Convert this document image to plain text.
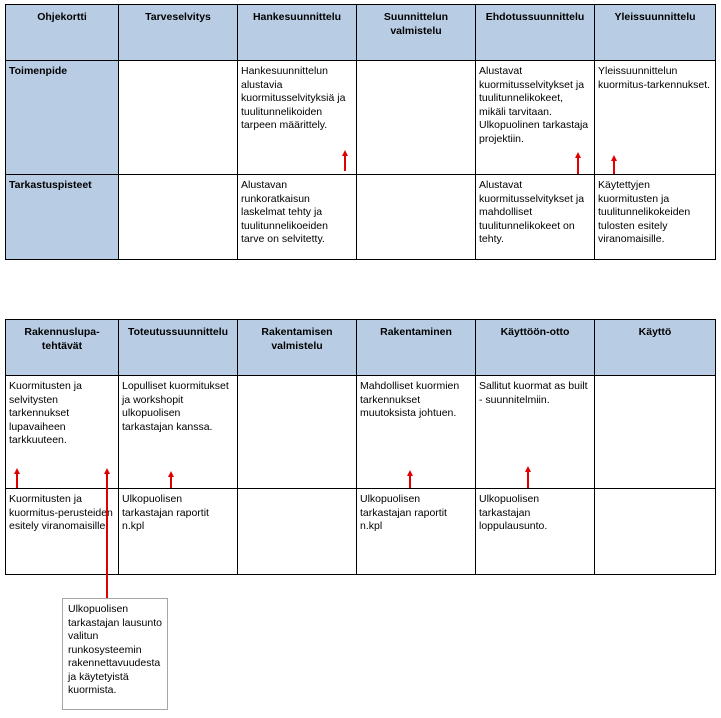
Ohjekortti	Tarveselvitys	Hankesuunnittelu	Suunnittelun valmistelu	Ehdotussuunnittelu	Yleissuunnittelu
Toimenpide		Hankesuunnittelun alustavia kuormitusselvityksiä ja tuulitunnelikoiden tarpeen määrittely.		Alustavat kuormitusselvitykset ja tuulitunnelikokeet, mikäli tarvitaan. Ulkopuolinen tarkastaja projektiin.	Yleissuunnittelun kuormitus-tarkennukset.
Tarkastuspisteet		Alustavan runkoratkaisun laskelmat tehty ja tuulitunnelikoeiden tarve on selvitetty.		Alustavat kuormitusselvitykset ja mahdolliset tuulitunnelikokeet on tehty.	Käytettyjen kuormitusten ja tuulitunnelikokeiden tulosten esitely viranomaisille.
Rakennuslupa-tehtävät	Toteutussuunnittelu	Rakentamisen valmistelu	Rakentaminen	Käyttöön-otto	Käyttö
Kuormitusten ja selvitysten tarkennukset lupavaiheen tarkkuuteen.	Lopulliset kuormitukset ja workshopit ulkopuolisen tarkastajan kanssa.		Mahdolliset kuormien tarkennukset muutoksista johtuen.	Sallitut kuormat as built - suunnitelmiin.	
Kuormitusten ja kuormitus-perusteiden esitely viranomaisille	Ulkopuolisen tarkastajan raportit n.kpl		Ulkopuolisen tarkastajan raportit n.kpl	Ulkopuolisen tarkastajan loppulausunto.	
Ulkopuolisen tarkastajan lausunto valitun runkosysteemin rakennettavuudesta ja käytetyistä kuormista.
